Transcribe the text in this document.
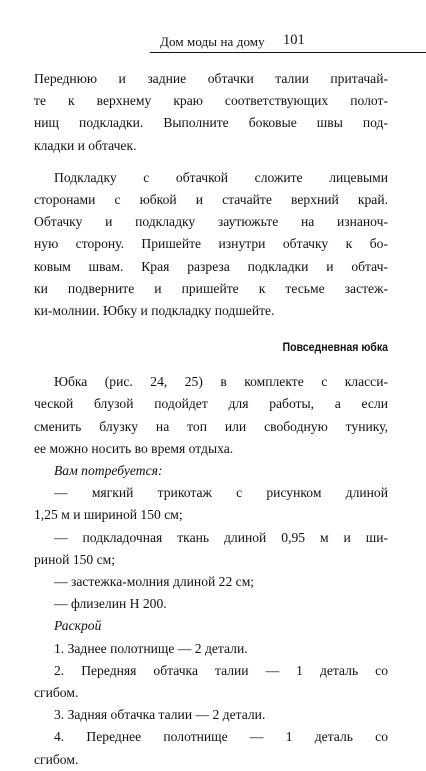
Дом моды на дому 101
Переднюю и задние обтачки талии притачай-
те к верхнему краю соответствующих полот-
нищ подкладки. Выполните боковые швы под-
кладки и обтачек.
Подкладку с обтачкой сложите лицевыми
сторонами с юбкой и стачайте верхний край.
Обтачку и подкладку заутюжьте на изнаноч-
ную сторону. Пришейте изнутри обтачку к бо-
ковым швам. Края разреза подкладки и обтач-
ки подверните и пришейте к тесьме застеж-
ки-молнии. Юбку и подкладку подшейте.
Повседневная юбка
Юбка (рис. 24, 25) в комплекте с класси-
ческой блузой подойдет для работы, а если
сменить блузку на топ или свободную тунику,
ее можно носить во время отдыха.
Вам потребуется:
— мягкий трикотаж с рисунком длиной
1,25 м и шириной 150 см;
— подкладочная ткань длиной 0,95 м и ши-
риной 150 см;
— застежка-молния длиной 22 см;
— флизелин Н 200.
Раскрой
1. Заднее полотнище — 2 детали.
2. Передняя обтачка талии — 1 деталь со
сгибом.
3. Задняя обтачка талии — 2 детали.
4. Переднее полотнище — 1 деталь со
сгибом.
